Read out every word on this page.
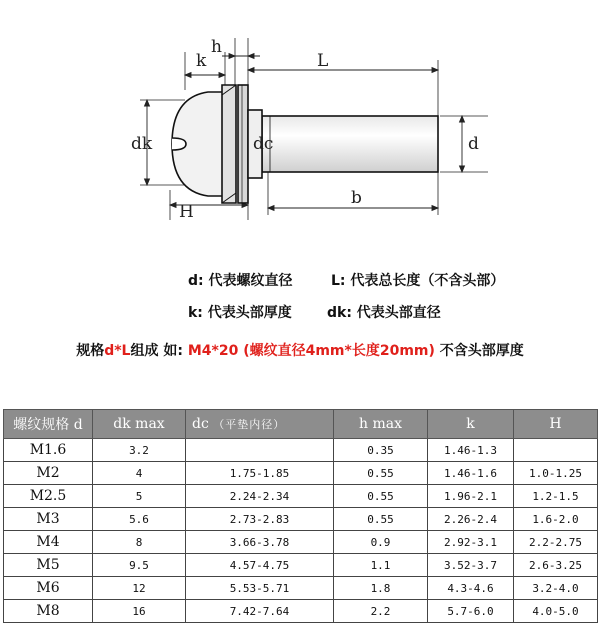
k
h
L
dk	dc	d
H
b
d: 代表螺纹直径	L: 代表总长度（不含头部）
k: 代表头部厚度	dk: 代表头部直径
规格d*L组成 如: M4*20 (螺纹直径4mm*长度20mm) 不含头部厚度
螺纹规格 d	dk max	dc （平垫内径）	h max	k	H
M1.6	3.2		0.35	1.46-1.3	
M2	4	1.75-1.85	0.55	1.46-1.6	1.0-1.25
M2.5	5	2.24-2.34	0.55	1.96-2.1	1.2-1.5
M3	5.6	2.73-2.83	0.55	2.26-2.4	1.6-2.0
M4	8	3.66-3.78	0.9	2.92-3.1	2.2-2.75
M5	9.5	4.57-4.75	1.1	3.52-3.7	2.6-3.25
M6	12	5.53-5.71	1.8	4.3-4.6	3.2-4.0
M8	16	7.42-7.64	2.2	5.7-6.0	4.0-5.0
